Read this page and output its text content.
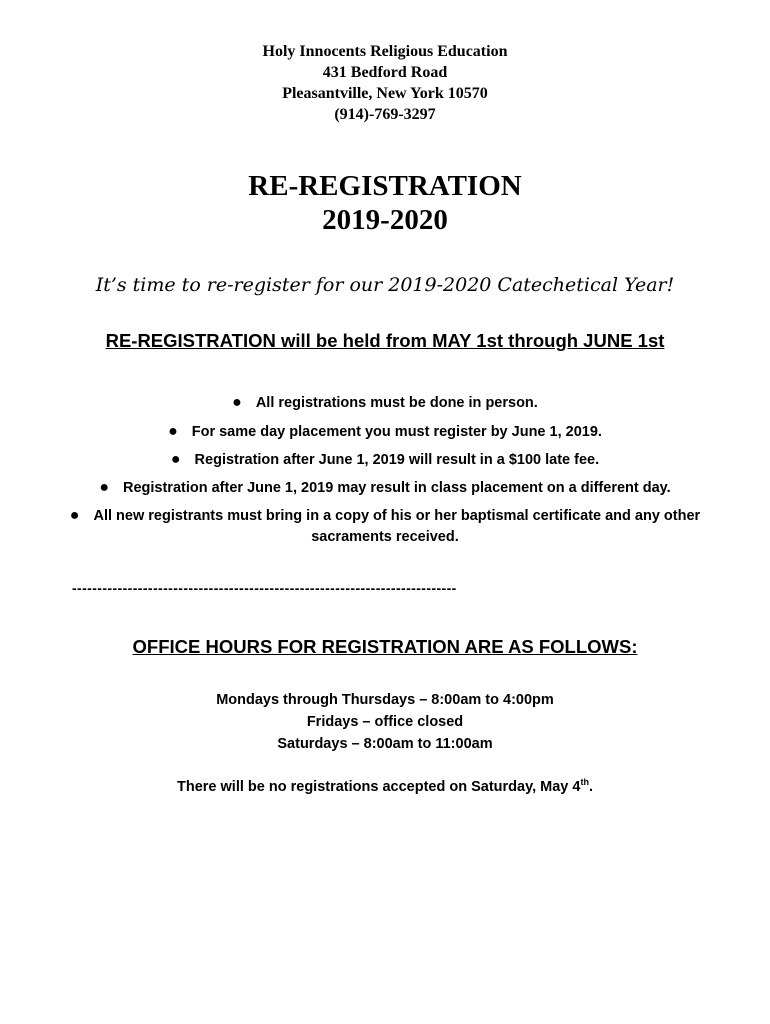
Holy Innocents Religious Education
431 Bedford Road
Pleasantville, New York 10570
(914)-769-3297
RE-REGISTRATION
2019-2020
It’s time to re-register for our 2019-2020 Catechetical Year!
RE-REGISTRATION will be held from MAY 1st through JUNE 1st
● All registrations must be done in person.
● For same day placement you must register by June 1, 2019.
● Registration after June 1, 2019 will result in a $100 late fee.
● Registration after June 1, 2019 may result in class placement on a different day.
● All new registrants must bring in a copy of his or her baptismal certificate and any other
sacraments received.
----------------------------------------------------------------------------
OFFICE HOURS FOR REGISTRATION ARE AS FOLLOWS:
Mondays through Thursdays – 8:00am to 4:00pm
Fridays – office closed
Saturdays – 8:00am to 11:00am
There will be no registrations accepted on Saturday, May 4th.
